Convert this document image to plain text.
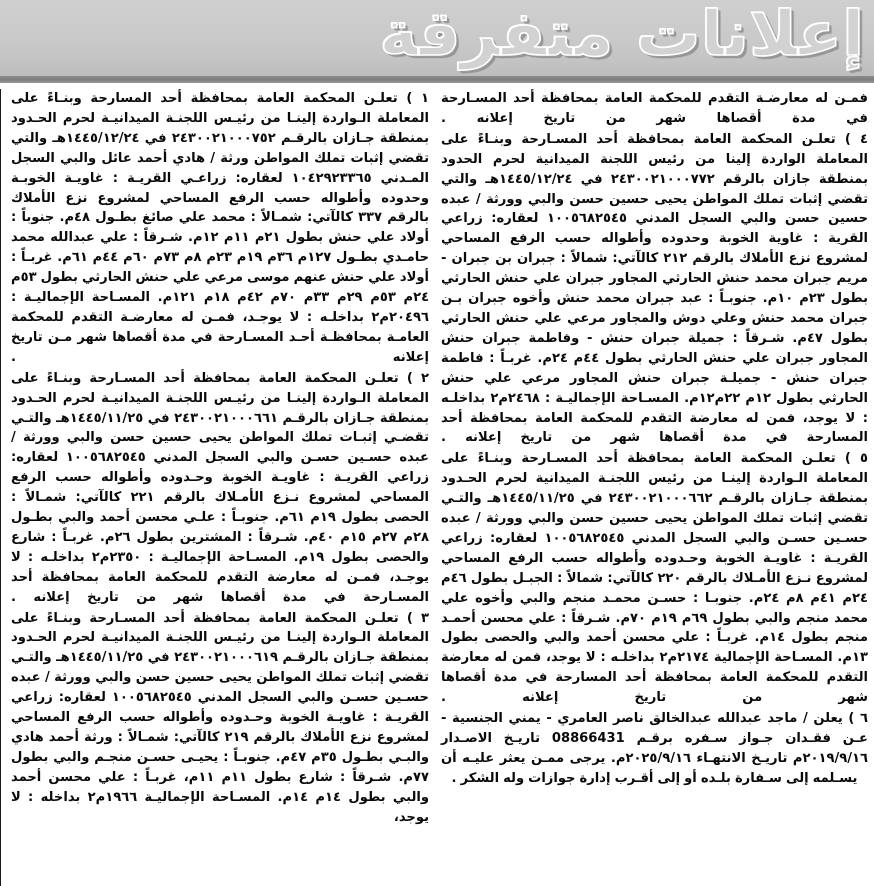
إعلانات متفرقة

فمـن له معارضـة التقدم للمحكمة العامة بمحافظة أحد المسـارحة في مدة أقصاها شهر من تاريخ إعلانه .

٤ ) تعلـن المحكمة العامة بمحافظة أحد المسـارحة وبنـاءً على المعاملة الواردة إلينا من رئيس اللجنة الميدانية لحرم الحدود بمنطقة جازان بالرقم ٢٤٣٠٠٢١٠٠٠٧٧٢ في ١٤٤٥/١٢/٢٤هـ والتي تقضي إثبات تملك المواطن يحيى حسين حسن والبي وورثة / عبده حسين حسن والبي السجل المدني ١٠٠٥٦٨٢٥٤٥ لعقاره: زراعي القرية : غاوية الخوبة وحدوده وأطواله حسب الرفع المساحي لمشروع نزع الأملاك بالرقم ٢١٢ كالآتي: شمالاً : جبران بن جبران - مريم جبران محمد حنش الحارثي المجاور جبران علي حنش الحارثي بطول ٢٣م ١٠م. جنوبـاً : عبد جبران محمد حنش وأخوه جبران بـن جبران محمد حنش وعلي دوش والمجاور مرعي علي حنش الحارثي بطول ٤٧م. شـرقاً : جميلة جبران حنش - وفاطمة جبران حنش المجاور جبران علي حنش الحارثي بطول ٤٤م ٢٤م. غربـاً : فاطمة جبران حنش - جميلـة جبران حنش المجاور مرعي علي حنش الحارثي بطول ١٢م ٢٢م١٢م. المسـاحة الإجماليـة : ٢٤٦٨م٢ بداخلـه : لا يوجد، فمن له معارضة التقدم للمحكمة العامة بمحافظة أحد المسارحة في مدة أقصاها شهر من تاريخ إعلانه .

٥ ) تعلـن المحكمة العامة بمحافظة أحد المسـارحة وبنـاءً على المعاملة الـواردة إلينـا من رئيس اللجنـة الميدانية لحرم الحـدود بمنطقة جـازان بالرقـم ٢٤٣٠٠٢١٠٠٠٦٦٢ في ١٤٤٥/١١/٢٥هـ والتـي تقضي إثبات تملك المواطن يحيى حسين حسن والبي وورثة / عبده حسـين حسـن والبي السجل المدني ١٠٠٥٦٨٢٥٤٥ لعقاره: زراعي القريـة : غاويـة الخوبة وحـدوده وأطواله حسب الرفع المساحي لمشروع نـزع الأمـلاك بالرقم ٢٢٠ كالآتي: شمالاً : الجبـل بطول ٤٦م ٢٤م ٤١م ٨م ٢٤م. جنوبـا : حسـن محمـد منجم والبي وأخوه علي محمد منجم والبي بطول ٦٩م ١٩م ٧٠م. شـرقاً : علي محسن أحمـد منجم بطول ١٤م. غربـاً : علي محسن أحمد والبي والحصى بطول ١٣م. المسـاحة الإجمالية ٢١٧٤م٢ بداخلـه : لا يوجد، فمن له معارضة التقدم للمحكمة العامة بمحافظة أحد المسارحة في مدة أقصاها شهر من تاريخ إعلانه .

٦ ) يعلن / ماجد عبدالله عبدالخالق ناصر العامري - يمني الجنسية - عـن فقـدان جـواز سـفره برقـم 08866431 تاريـخ الاصـدار ٢٠١٩/٩/١٦م تاريـخ الانتهـاء ٢٠٢٥/٩/١٦م. يرجى ممـن يعثر عليـه أن يسـلمه إلى سـفارة بلـده أو إلى أقـرب إدارة جوازات وله الشكر .

١ ) تعلـن المحكمة العامة بمحافظة أحد المسارحة وبنـاءً على المعاملة الـواردة إلينـا من رئيـس اللجنـة الميدانيـة لحرم الحـدود بمنطقة جـازان بالرقـم ٢٤٣٠٠٢١٠٠٠٧٥٢ في ١٤٤٥/١٢/٢٤هـ والتي تقضي إثبات تملك المواطن ورثة / هادي أحمد عائل والبي السجل المـدني ١٠٤٢٩٢٣٣٦٥ لعقاره: زراعـي القريـة : غاويـة الخوبـة وحدوده وأطواله حسب الرفع المساحي لمشروع نزع الأملاك بالرقم ٣٣٧ كالآتي: شمـالاً : محمد علي صائغ بطـول ٤٨م. جنوباً : أولاد علي حنش بطول ٢١م ١١م ١٢م. شـرقاً : علي عبدالله محمد حامـدي بطـول ١٢٧م ٣٦م ١٩م ٢٣م ٨م ٧٣م ٦٠م ٤٤م ٦١م. غربـاً : أولاد علي حنش عنهم موسى مرعي علي حنش الحارثي بطول ٥٣م ٢٤م ٥٣م ٢٩م ٣٣م ٧٠م ٤٢م ١٨م ١٢١م. المسـاحة الإجماليـة : ٢٠٤٩٦م٢ بداخلـه : لا يوجـد، فمـن له معارضـة التقدم للمحكمة العامـة بمحافظـة أحـد المسـارحة في مدة أقصاها شهر مـن تاريخ إعلانه .

٢ ) تعلـن المحكمة العامة بمحافظة أحد المسـارحة وبنـاءً على المعاملة الـواردة إلينـا من رئيـس اللجنـة الميدانيـة لحرم الحـدود بمنطقة جـازان بالرقـم ٢٤٣٠٠٢١٠٠٠٦٦١ في ١٤٤٥/١١/٢٥هـ والتـي تقضـي إثبـات تملك المواطن يحيى حسين حسن والبي وورثة / عبده حسـين حسـن والبي السجل المدني ١٠٠٥٦٨٢٥٤٥ لعقاره: زراعي القريـة : غاويـة الخوبة وحـدوده وأطواله حسب الرفع المساحي لمشروع نـزع الأمـلاك بالرقم ٢٢١ كالآتي: شمـالاً : الحصى بطول ١٩م ٦١م. جنوبـاً : علـي محسن أحمد والبي بطـول ٢٨م ٢٧م ١٥م ٤٠م. شـرقاً : المشترين بطول ٢٦م. غربـاً : شارع والحصى بطول ١٩م. المسـاحة الإجماليـة : ٢٣٥٠م٢ بداخلـه : لا يوجـد، فمـن له معارضة التقدم للمحكمة العامة بمحافظة أحد المسـارحة في مدة أقصاها شهر من تاريخ إعلانه .

٣ ) تعلـن المحكمة العامة بمحافظة أحد المسـارحة وبنـاءً على المعاملة الـواردة إلينـا من رئيـس اللجنـة الميدانيـة لحرم الحـدود بمنطقة جـازان بالرقـم ٢٤٣٠٠٢١٠٠٠٦١٩ في ١٤٤٥/١١/٢٥هـ والتـي تقضي إثبات تملك المواطن يحيى حسين حسن والبي وورثة / عبده حسـين حسـن والبي السجل المدني ١٠٠٥٦٨٢٥٤٥ لعقاره: زراعي القريـة : غاويـة الخوبة وحـدوده وأطواله حسب الرفع المساحي لمشروع نزع الأملاك بالرقم ٢١٩ كالآتي: شمـالاً : ورثة أحمد هادي والبـي بطـول ٣٥م ٤٧م. جنوبـاً : يحيـى حسـن منجـم والبي بطول ٧٧م. شـرقاً : شارع بطول ١١م ١١م، غربـاً : علي محسن أحمد والبي بطول ١٤م ١٤م. المسـاحة الإجماليـة ١٩٦٦م٢ بداخله : لا يوجد،
